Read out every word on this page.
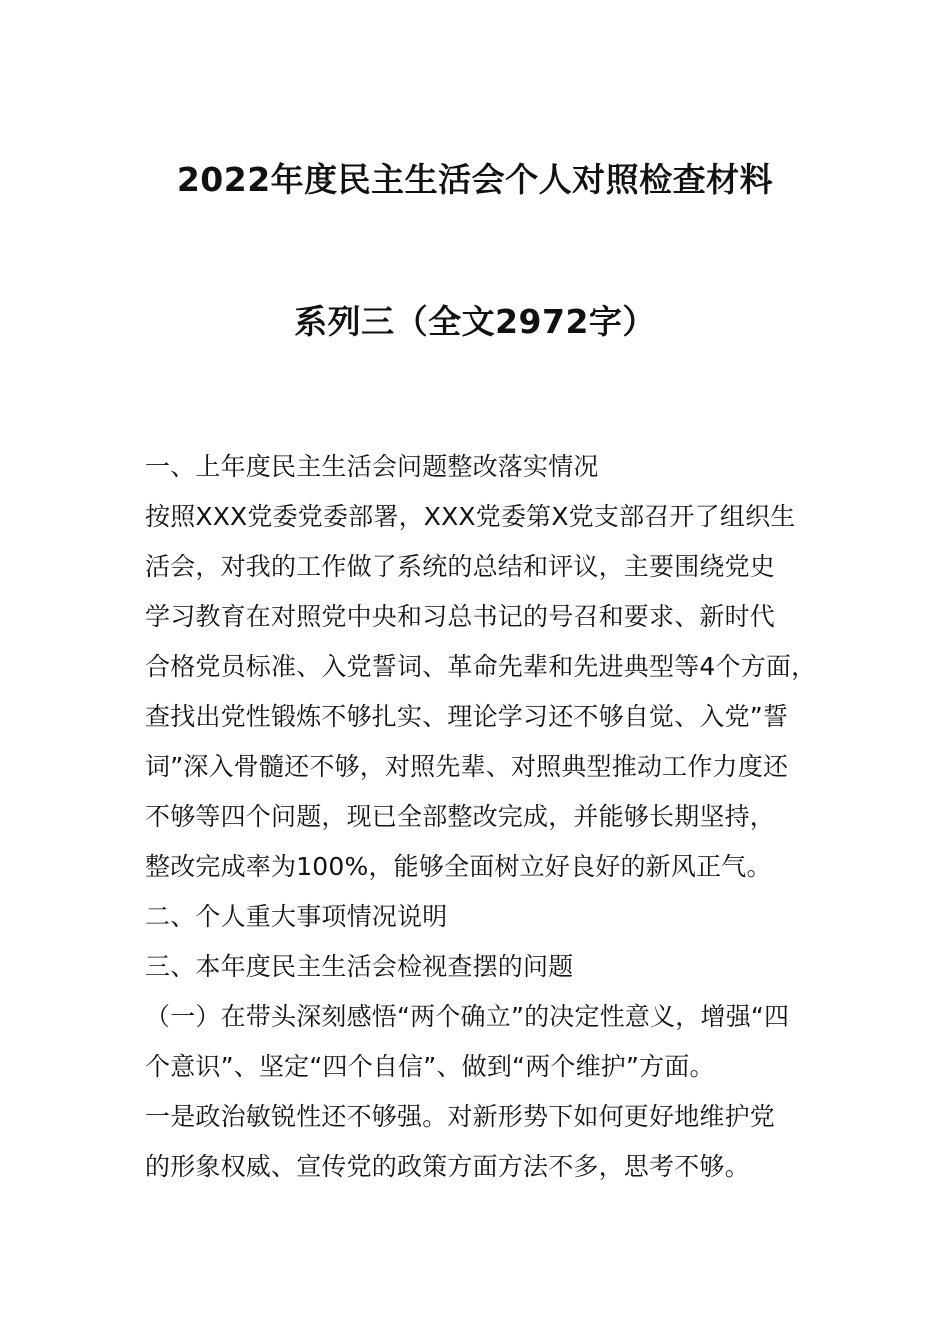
2022年度民主生活会个人对照检查材料
系列三（全文2972字）
一、上年度民主生活会问题整改落实情况
按照XXX党委党委部署，XXX党委第X党支部召开了组织生
活会，对我的工作做了系统的总结和评议，主要围绕党史
学习教育在对照党中央和习总书记的号召和要求、新时代
合格党员标准、入党誓词、革命先辈和先进典型等4个方面，
查找出党性锻炼不够扎实、理论学习还不够自觉、入党”誓
词”深入骨髓还不够，对照先辈、对照典型推动工作力度还
不够等四个问题，现已全部整改完成，并能够长期坚持，
整改完成率为100%，能够全面树立好良好的新风正气。
二、个人重大事项情况说明
三、本年度民主生活会检视查摆的问题
（一）在带头深刻感悟“两个确立”的决定性意义，增强“四
个意识”、坚定“四个自信”、做到“两个维护”方面。
一是政治敏锐性还不够强。对新形势下如何更好地维护党
的形象权威、宣传党的政策方面方法不多，思考不够。
